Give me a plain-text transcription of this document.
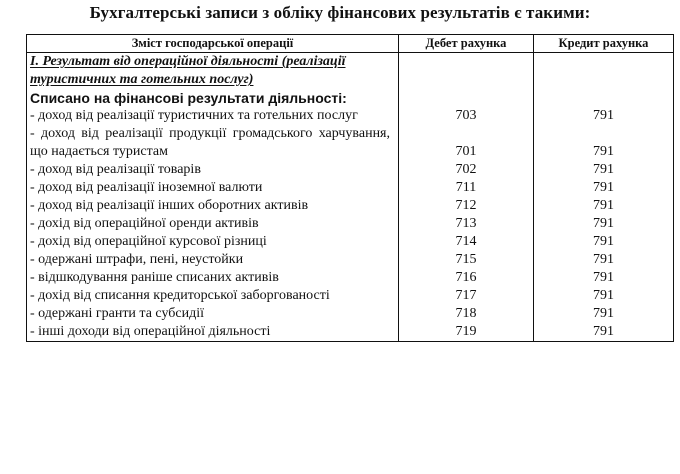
Бухгалтерські записи з обліку фінансових результатів є такими:
Зміст господарської операції	Дебет рахунка	Кредит рахунка
І. Результат від операційної діяльності (реалізації туристичних та готельних послуг)		
Списано на фінансові результати діяльності:		
- доход від реалізації туристичних та готельних послуг	703	791
- доход від реалізації продукції громадського харчування, що надається туристам	701	791
- доход від реалізації товарів	702	791
- доход від реалізації іноземної валюти	711	791
- доход від реалізації інших оборотних активів	712	791
- дохід від операційної оренди активів	713	791
- дохід від операційної курсової різниці	714	791
- одержані штрафи, пені, неустойки	715	791
- відшкодування раніше списаних активів	716	791
- дохід від списання кредиторської заборгованості	717	791
- одержані гранти та субсидії	718	791
- інші доходи від операційної діяльності	719	791
